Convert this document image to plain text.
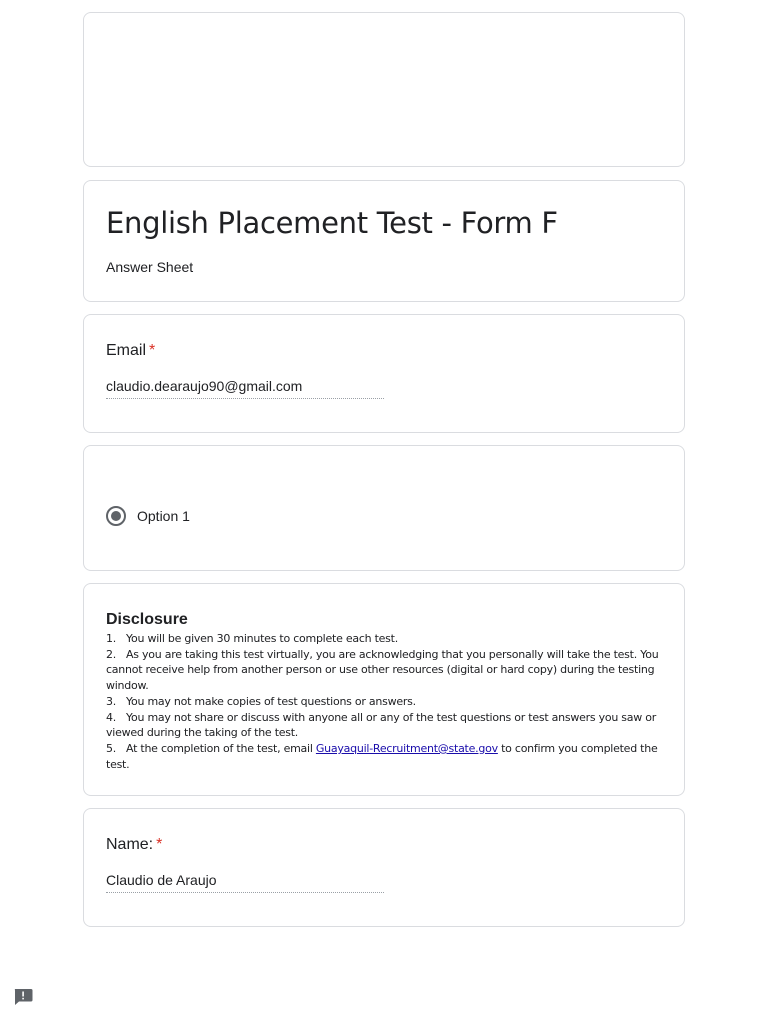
English Placement Test - Form F
Answer Sheet
Email *
claudio.dearaujo90@gmail.com
Option 1
Disclosure
1. You will be given 30 minutes to complete each test.
2. As you are taking this test virtually, you are acknowledging that you personally will take the test. You cannot receive help from another person or use other resources (digital or hard copy) during the testing window.
3. You may not make copies of test questions or answers.
4. You may not share or discuss with anyone all or any of the test questions or test answers you saw or viewed during the taking of the test.
5. At the completion of the test, email Guayaquil-Recruitment@state.gov to confirm you completed the test.
Name: *
Claudio de Araujo
